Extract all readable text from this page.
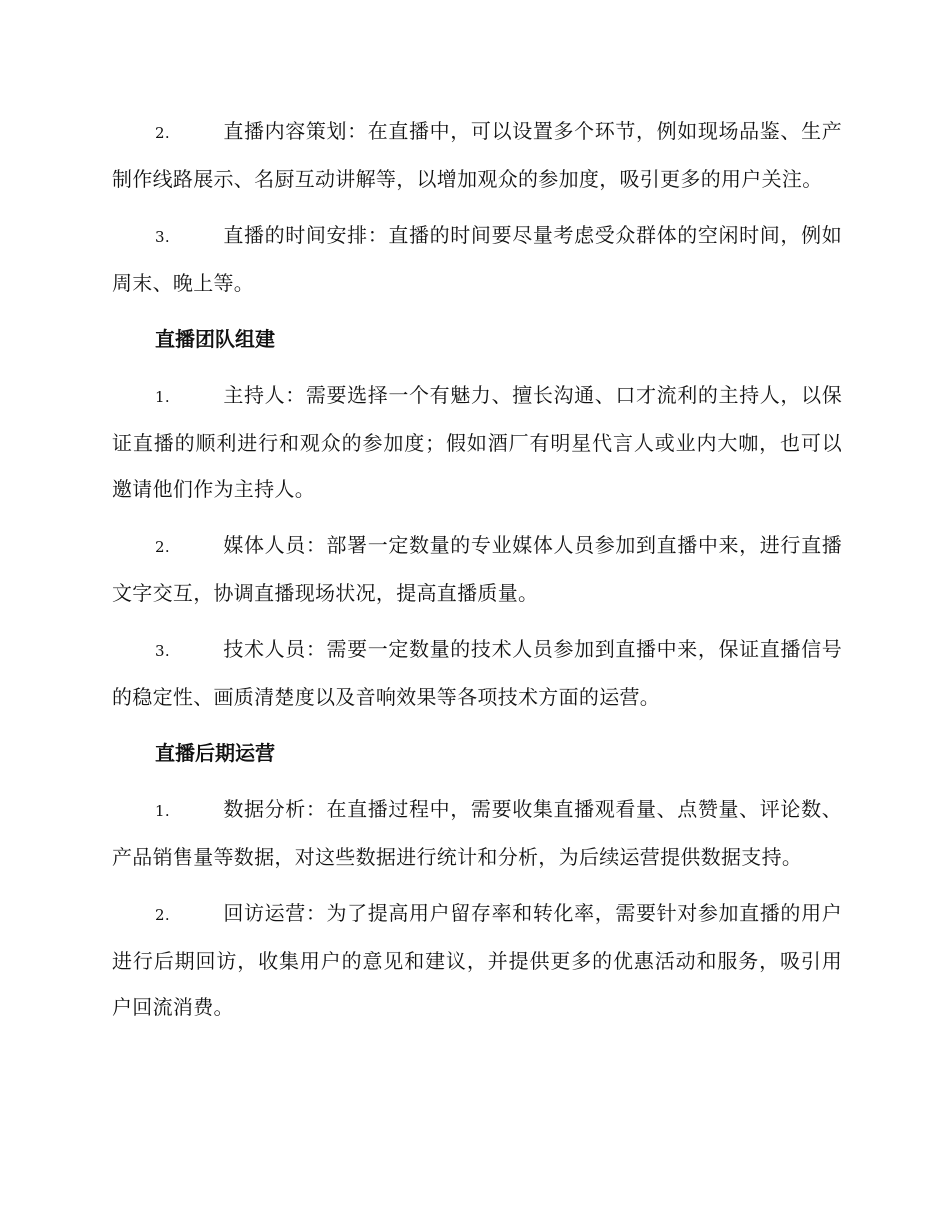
2.	直播内容策划：在直播中，可以设置多个环节，例如现场品鉴、生产制作线路展示、名厨互动讲解等，以增加观众的参加度，吸引更多的用户关注。

3.	直播的时间安排：直播的时间要尽量考虑受众群体的空闲时间，例如周末、晚上等。

直播团队组建

1.	主持人：需要选择一个有魅力、擅长沟通、口才流利的主持人，以保证直播的顺利进行和观众的参加度；假如酒厂有明星代言人或业内大咖，也可以邀请他们作为主持人。

2.	媒体人员：部署一定数量的专业媒体人员参加到直播中来，进行直播文字交互，协调直播现场状况，提高直播质量。

3.	技术人员：需要一定数量的技术人员参加到直播中来，保证直播信号的稳定性、画质清楚度以及音响效果等各项技术方面的运营。

直播后期运营

1.	数据分析：在直播过程中，需要收集直播观看量、点赞量、评论数、产品销售量等数据，对这些数据进行统计和分析，为后续运营提供数据支持。

2.	回访运营：为了提高用户留存率和转化率，需要针对参加直播的用户进行后期回访，收集用户的意见和建议，并提供更多的优惠活动和服务，吸引用户回流消费。
